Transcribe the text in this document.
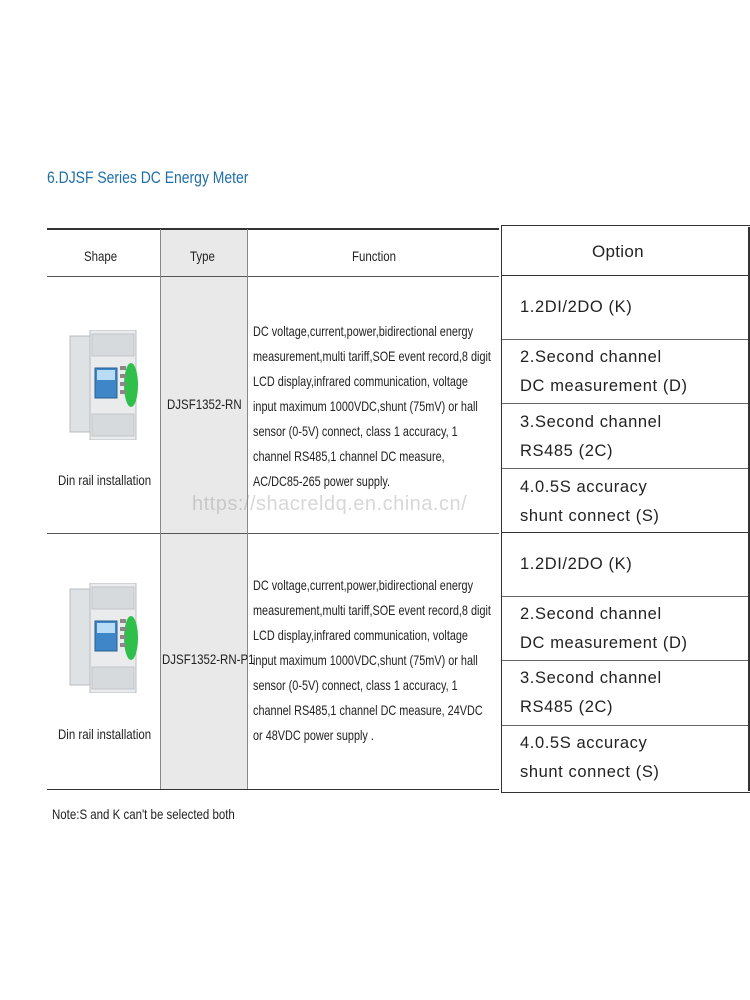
6.DJSF Series DC Energy Meter
Shape	Type	Function
Din rail installation
DJSF1352-RN
DC voltage,current,power,bidirectional energy
measurement,multi tariff,SOE event record,8 digit
LCD display,infrared communication, voltage
input maximum 1000VDC,shunt (75mV) or hall
sensor (0-5V) connect, class 1 accuracy, 1
channel RS485,1 channel DC measure,
AC/DC85-265 power supply.
Din rail installation
DJSF1352-RN-P1
DC voltage,current,power,bidirectional energy
measurement,multi tariff,SOE event record,8 digit
LCD display,infrared communication, voltage
input maximum 1000VDC,shunt (75mV) or hall
sensor (0-5V) connect, class 1 accuracy, 1
channel RS485,1 channel DC measure, 24VDC
or 48VDC power supply .
Option
1.2DI/2DO (K)
2.Second channel
DC measurement (D)
3.Second channel
RS485 (2C)
4.0.5S accuracy
shunt connect (S)
1.2DI/2DO (K)
2.Second channel
DC measurement (D)
3.Second channel
RS485 (2C)
4.0.5S accuracy
shunt connect (S)
Note:S and K can't be selected both
https://shacreldq.en.china.cn/
